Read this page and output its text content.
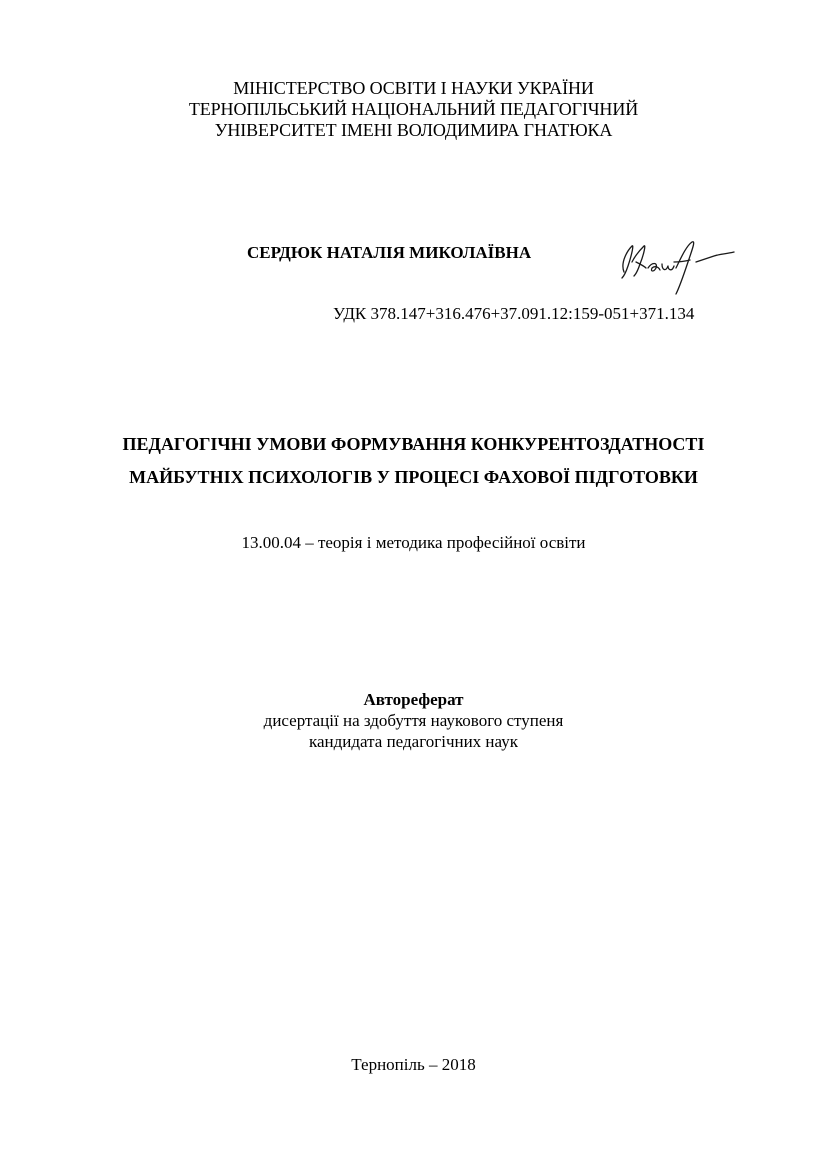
МІНІСТЕРСТВО ОСВІТИ І НАУКИ УКРАЇНИ
ТЕРНОПІЛЬСЬКИЙ НАЦІОНАЛЬНИЙ ПЕДАГОГІЧНИЙ
УНІВЕРСИТЕТ ІМЕНІ ВОЛОДИМИРА ГНАТЮКА
СЕРДЮК НАТАЛІЯ МИКОЛАЇВНА
УДК 378.147+316.476+37.091.12:159-051+371.134
ПЕДАГОГІЧНІ УМОВИ ФОРМУВАННЯ КОНКУРЕНТОЗДАТНОСТІ
МАЙБУТНІХ ПСИХОЛОГІВ У ПРОЦЕСІ ФАХОВОЇ ПІДГОТОВКИ
13.00.04 – теорія і методика професійної освіти
Автореферат
дисертації на здобуття наукового ступеня
кандидата педагогічних наук
Тернопіль – 2018
